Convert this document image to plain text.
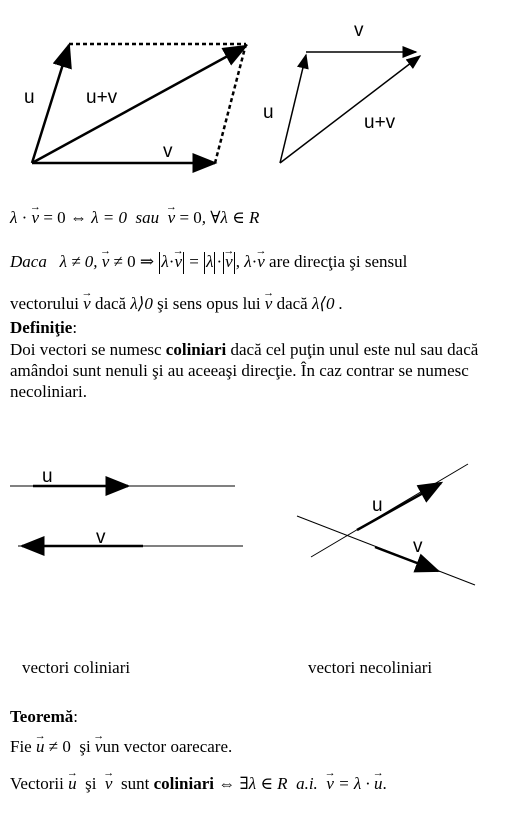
u	u+v
v
v
u	u+v
λ · → v = 0 ⇔ λ = 0 sau → v = 0, ∀λ ∈ R
Daca λ ≠ 0, → v ≠ 0 ⇒ λ·→ v = λ · → v , λ·→ v are direcţia şi sensul
vectorului → v dacă λ⟩0 şi sens opus lui → v dacă λ⟨0 .
Definiţie:
Doi vectori se numesc coliniari dacă cel puţin unul este nul sau dacă amândoi sunt nenuli şi au aceeaşi direcţie. În caz contrar se numesc necoliniari.
u
v
u
v
vectori coliniari	vectori necoliniari
Teoremă:
Fie → u ≠ 0 şi → vun vector oarecare.
Vectorii → u şi → v sunt coliniari ⇔ ∃λ ∈ R a.i. → v = λ · → u.
